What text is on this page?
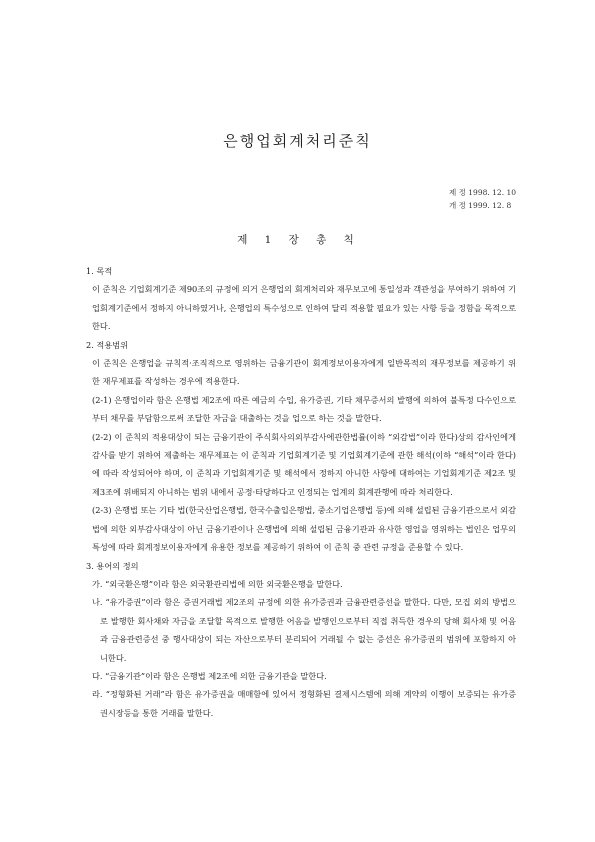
은행업회계처리준칙
제 정 1998. 12. 10
개 정 1999. 12. 8
제 1 장 총 칙

1. 목적

이 준칙은 기업회계기준 제90조의 규정에 의거 은행업의 회계처리와 재무보고에 통일성과 객관성을 부여하기 위하여 기업회계기준에서 정하지 아니하였거나, 은행업의 특수성으로 인하여 달리 적용할 필요가 있는 사항 등을 정함을 목적으로 한다.

2. 적용범위

이 준칙은 은행업을 규칙적·조직적으로 영위하는 금융기관이 회계정보이용자에게 일반목적의 재무정보를 제공하기 위한 재무제표를 작성하는 경우에 적용한다.

(2-1) 은행업이라 함은 은행법 제2조에 따른 예금의 수입, 유가증권, 기타 채무증서의 발행에 의하여 불특정 다수인으로 부터 채무를 부담함으로써 조달한 자금을 대출하는 것을 업으로 하는 것을 말한다.

(2-2) 이 준칙의 적용대상이 되는 금융기관이 주식회사의외부감사에관한법률(이하 “외감법”이라 한다)상의 감사인에게 감사를 받기 위하여 제출하는 재무제표는 이 준칙과 기업회계기준 및 기업회계기준에 관한 해석(이하 “해석”이라 한다)에 따라 작성되어야 하며, 이 준칙과 기업회계기준 및 해석에서 정하지 아니한 사항에 대하여는 기업회계기준 제2조 및 제3조에 위배되지 아니하는 범위 내에서 공정·타당하다고 인정되는 업계의 회계관행에 따라 처리한다.

(2-3) 은행법 또는 기타 법(한국산업은행법, 한국수출입은행법, 중소기업은행법 등)에 의해 설립된 금융기관으로서 외감법에 의한 외부감사대상이 아닌 금융기관이나 은행법에 의해 설립된 금융기관과 유사한 영업을 영위하는 법인은 업무의 특성에 따라 회계정보이용자에게 유용한 정보를 제공하기 위하여 이 준칙 중 관련 규정을 준용할 수 있다.

3. 용어의 정의

가. “외국환은행”이라 함은 외국환관리법에 의한 외국환은행을 말한다.

나. “유가증권”이라 함은 증권거래법 제2조의 규정에 의한 유가증권과 금융관련증선을 말한다. 다만, 모집 외의 방법으로 발행한 회사채와 자금을 조달할 목적으로 발행한 어음을 발행인으로부터 직접 취득한 경우의 당해 회사채 및 어음과 금융관련증선 중 행사대상이 되는 자산으로부터 분리되어 거래될 수 없는 증선은 유가증권의 범위에 포함하지 아니한다.

다. “금융기관”이라 함은 은행법 제2조에 의한 금융기관을 말한다.

라. “정형화된 거래”라 함은 유가증권을 매매함에 있어서 정형화된 결제시스템에 의해 계약의 이행이 보증되는 유가증권시장등을 통한 거래를 말한다.
